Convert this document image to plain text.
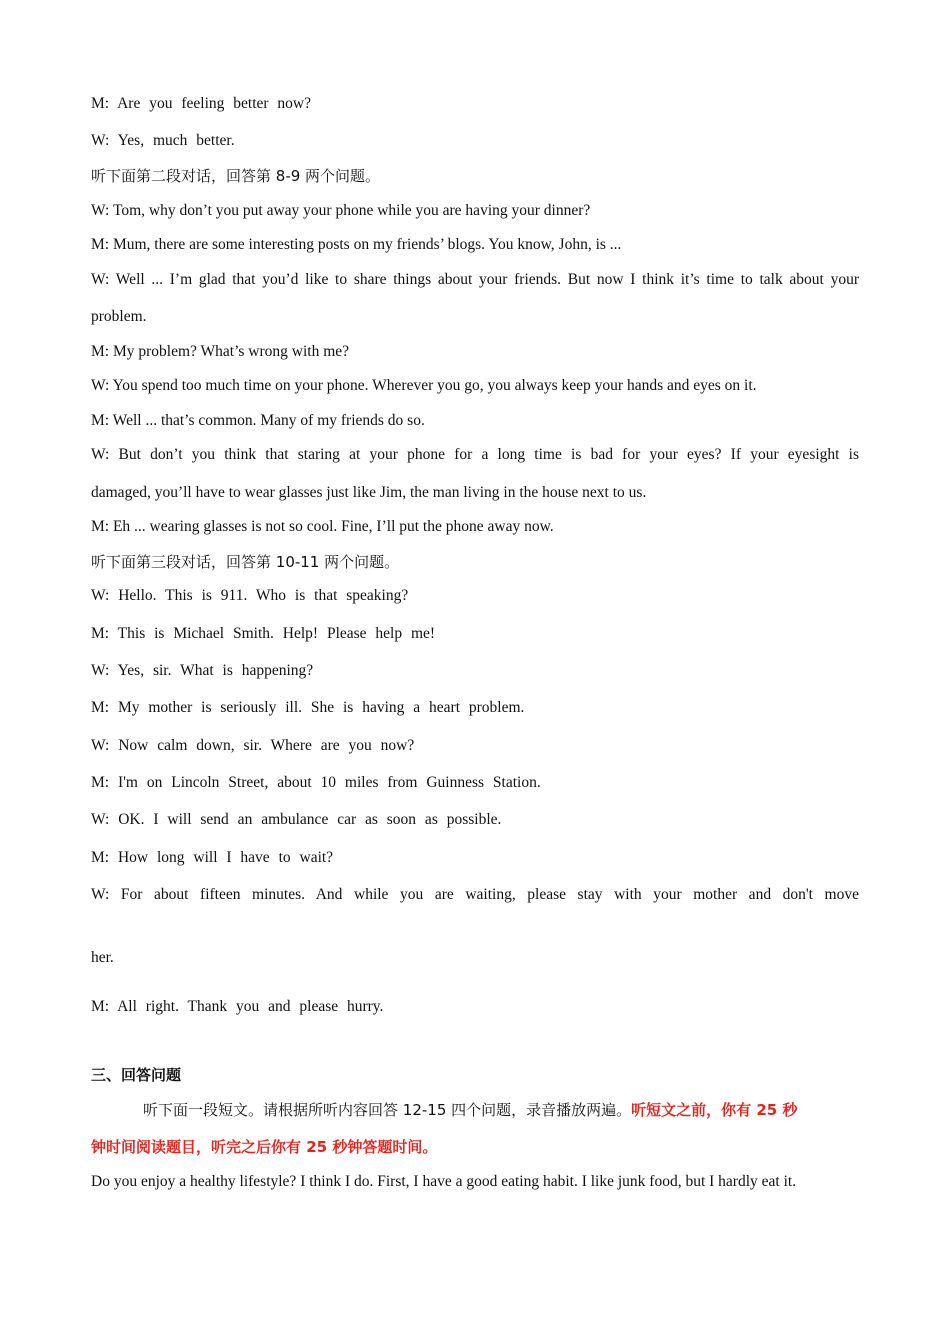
M: Are you feeling better now?
W: Yes, much better.
听下面第二段对话，回答第 8-9 两个问题。
W: Tom, why don’t you put away your phone while you are having your dinner?
M: Mum, there are some interesting posts on my friends’ blogs. You know, John, is ...
W: Well ... I’m glad that you’d like to share things about your friends. But now I think it’s time to talk about your
problem.
M: My problem? What’s wrong with me?
W: You spend too much time on your phone. Wherever you go, you always keep your hands and eyes on it.
M: Well ... that’s common. Many of my friends do so.
W: But don’t you think that staring at your phone for a long time is bad for your eyes? If your eyesight is
damaged, you’ll have to wear glasses just like Jim, the man living in the house next to us.
M: Eh ... wearing glasses is not so cool. Fine, I’ll put the phone away now.
听下面第三段对话，回答第 10-11 两个问题。
W: Hello. This is 911. Who is that speaking?
M: This is Michael Smith. Help! Please help me!
W: Yes, sir. What is happening?
M: My mother is seriously ill. She is having a heart problem.
W: Now calm down, sir. Where are you now?
M: I'm on Lincoln Street, about 10 miles from Guinness Station.
W: OK. I will send an ambulance car as soon as possible.
M: How long will I have to wait?
W: For about fifteen minutes. And while you are waiting, please stay with your mother and don't move
her.
M: All right. Thank you and please hurry.
三、回答问题
听下面一段短文。请根据所听内容回答 12-15 四个问题，录音播放两遍。听短文之前，你有 25 秒
钟时间阅读题目，听完之后你有 25 秒钟答题时间。
Do you enjoy a healthy lifestyle? I think I do. First, I have a good eating habit. I like junk food, but I hardly eat it.
